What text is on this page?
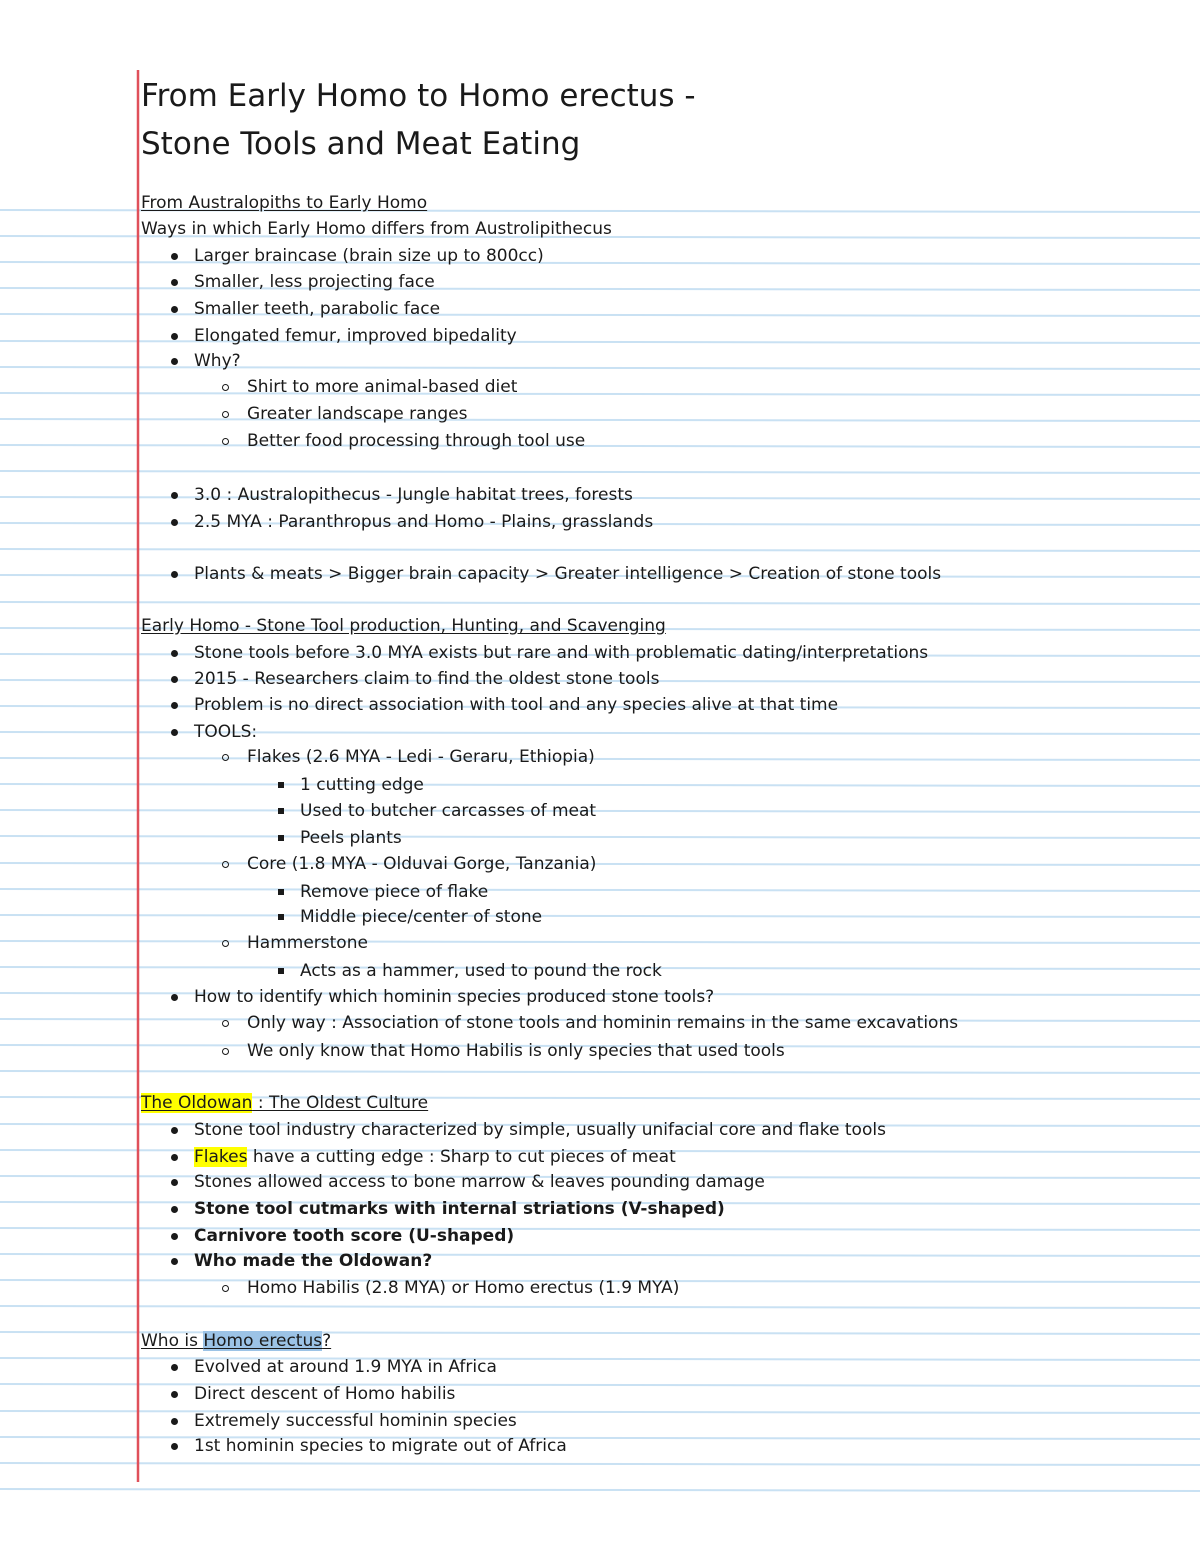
From Early Homo to Homo erectus -
Stone Tools and Meat Eating
From Australopiths to Early Homo
Ways in which Early Homo differs from Austrolipithecus
Larger braincase (brain size up to 800cc)
Smaller, less projecting face
Smaller teeth, parabolic face
Elongated femur, improved bipedality
Why?
Shirt to more animal-based diet
Greater landscape ranges
Better food processing through tool use
3.0 : Australopithecus - Jungle habitat trees, forests
2.5 MYA : Paranthropus and Homo - Plains, grasslands
Plants & meats > Bigger brain capacity > Greater intelligence > Creation of stone tools
Early Homo - Stone Tool production, Hunting, and Scavenging
Stone tools before 3.0 MYA exists but rare and with problematic dating/interpretations
2015 - Researchers claim to find the oldest stone tools
Problem is no direct association with tool and any species alive at that time
TOOLS:
Flakes (2.6 MYA - Ledi - Geraru, Ethiopia)
1 cutting edge
Used to butcher carcasses of meat
Peels plants
Core (1.8 MYA - Olduvai Gorge, Tanzania)
Remove piece of flake
Middle piece/center of stone
Hammerstone
Acts as a hammer, used to pound the rock
How to identify which hominin species produced stone tools?
Only way : Association of stone tools and hominin remains in the same excavations
We only know that Homo Habilis is only species that used tools
The Oldowan : The Oldest Culture
Stone tool industry characterized by simple, usually unifacial core and flake tools
Flakes have a cutting edge : Sharp to cut pieces of meat
Stones allowed access to bone marrow & leaves pounding damage
Stone tool cutmarks with internal striations (V-shaped)
Carnivore tooth score (U-shaped)
Who made the Oldowan?
Homo Habilis (2.8 MYA) or Homo erectus (1.9 MYA)
Who is Homo erectus?
Evolved at around 1.9 MYA in Africa
Direct descent of Homo habilis
Extremely successful hominin species
1st hominin species to migrate out of Africa
